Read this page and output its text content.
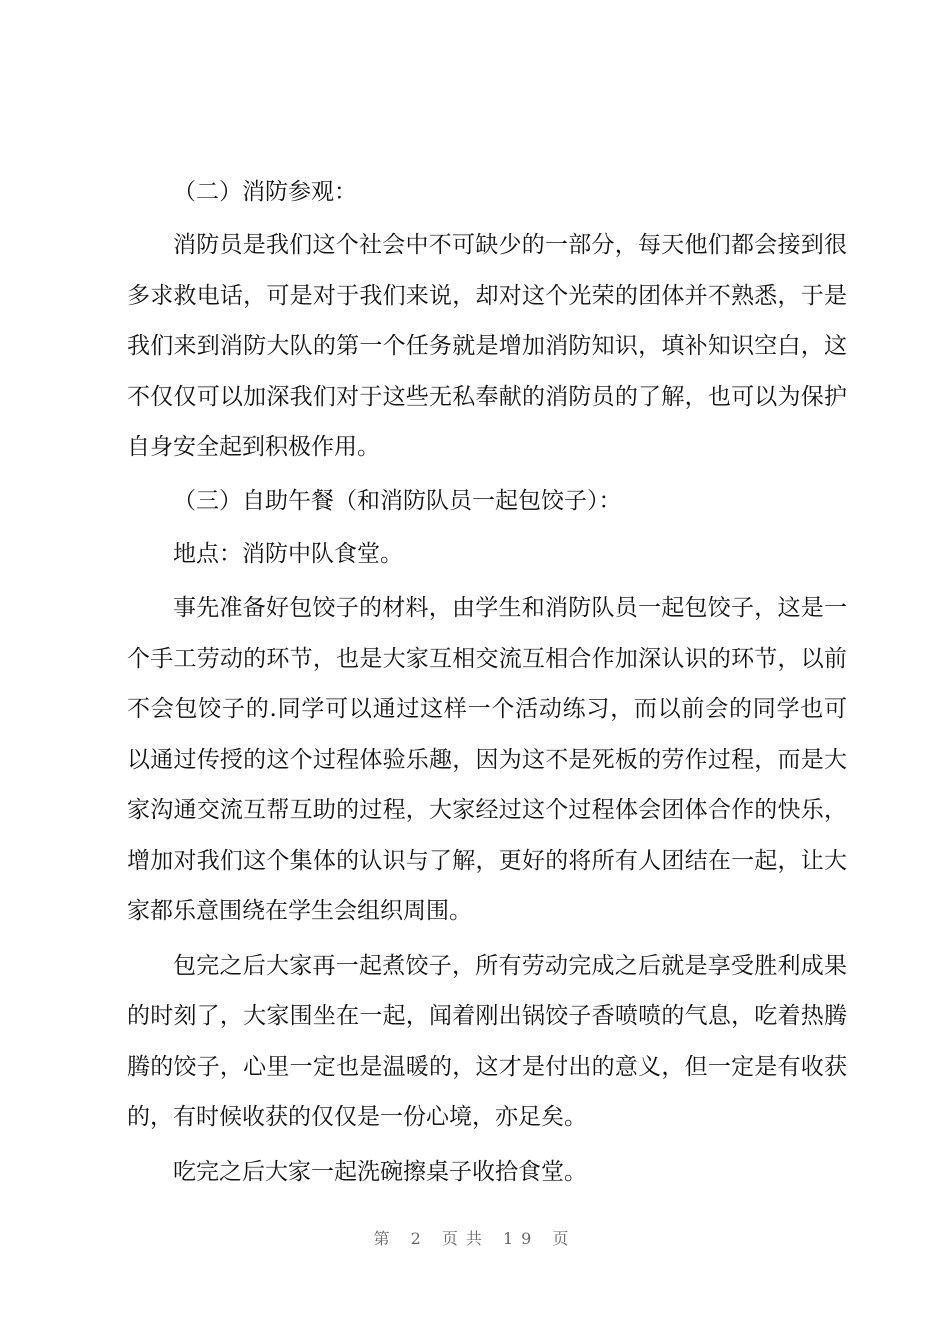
（二）消防参观：

消防员是我们这个社会中不可缺少的一部分，每天他们都会接到很多求救电话，可是对于我们来说，却对这个光荣的团体并不熟悉，于是我们来到消防大队的第一个任务就是增加消防知识，填补知识空白，这不仅仅可以加深我们对于这些无私奉献的消防员的了解，也可以为保护自身安全起到积极作用。

（三）自助午餐（和消防队员一起包饺子）：

地点：消防中队食堂。

事先准备好包饺子的材料，由学生和消防队员一起包饺子，这是一个手工劳动的环节，也是大家互相交流互相合作加深认识的环节，以前不会包饺子的.同学可以通过这样一个活动练习，而以前会的同学也可以通过传授的这个过程体验乐趣，因为这不是死板的劳作过程，而是大家沟通交流互帮互助的过程，大家经过这个过程体会团体合作的快乐，增加对我们这个集体的认识与了解，更好的将所有人团结在一起，让大家都乐意围绕在学生会组织周围。

包完之后大家再一起煮饺子，所有劳动完成之后就是享受胜利成果的时刻了，大家围坐在一起，闻着刚出锅饺子香喷喷的气息，吃着热腾腾的饺子，心里一定也是温暖的，这才是付出的意义，但一定是有收获的，有时候收获的仅仅是一份心境，亦足矣。

吃完之后大家一起洗碗擦桌子收拾食堂。

第 2 页共 19 页
